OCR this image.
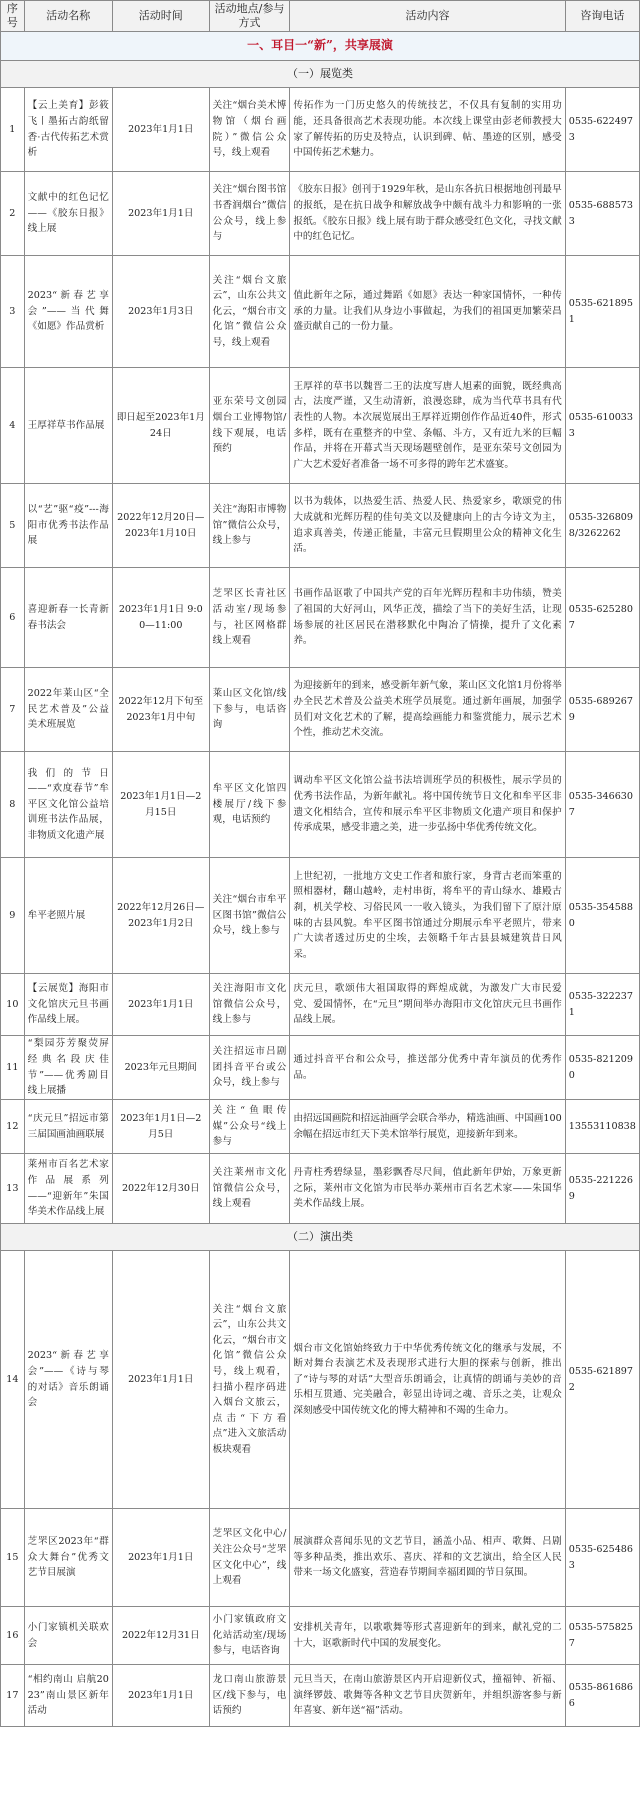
序号	活动名称	活动时间	活动地点/参与方式	活动内容	咨询电话
一、耳目一“新”，共享展演					
（一）展览类					
1	【云上美育】彭筱飞丨墨拓古韵纸留香·古代传拓艺术赏析	2023年1月1日	关注“烟台美术博物馆（烟台画院）”微信公众号，线上观看	传拓作为一门历史悠久的传统技艺，不仅具有复制的实用功能，还具备很高艺术表现功能。本次线上课堂由彭老师教授大家了解传拓的历史及特点，认识到碑、帖、墨迹的区别，感受中国传拓艺术魅力。	0535-6224973
2	文献中的红色记忆——《胶东日报》线上展	2023年1月1日	关注“烟台图书馆书香润烟台”微信公众号，线上参与	《胶东日报》创刊于1929年秋，是山东各抗日根据地创刊最早的报纸，是在抗日战争和解放战争中颇有战斗力和影响的一张报纸。《胶东日报》线上展有助于群众感受红色文化，寻找文献中的红色记忆。	0535-6885733
3	2023“新春艺享会”——当代舞《如愿》作品赏析	2023年1月3日	关注“烟台文旅云”，山东公共文化云，“烟台市文化馆”微信公众号，线上观看	值此新年之际，通过舞蹈《如愿》表达一种家国情怀，一种传承的力量。让我们从身边小事做起，为我们的祖国更加繁荣昌盛贡献自己的一份力量。	0535-6218951
4	王厚祥草书作品展	即日起至2023年1月24日	亚东荣号文创园烟台工业博物馆/线下观展，电话预约	王厚祥的草书以魏晋二王的法度写唐人旭素的面貌，既经典高古，法度严谨，又生动清新，浪漫恣肆，成为当代草书具有代表性的人物。本次展览展出王厚祥近期创作作品近40件，形式多样，既有在重整齐的中堂、条幅、斗方，又有近九米的巨幅作品，并将在开幕式当天现场题壁创作，是亚东荣号文创园为广大艺术爱好者准备一场不可多得的跨年艺术盛宴。	0535-6100333
5	以“艺”驱“疫”---海阳市优秀书法作品展	2022年12月20日—2023年1月10日	关注“海阳市博物馆”微信公众号，线上参与	以书为载体，以热爱生活、热爱人民、热爱家乡，歌颂党的伟大成就和光辉历程的佳句美文以及健康向上的古今诗文为主，追求真善美，传递正能量，丰富元旦假期里公众的精神文化生活。	0535-3268098/3262262
6	喜迎新春一长青新春书法会	2023年1月1日 9:00—11:00	芝罘区长青社区活动室/现场参与，社区网格群线上观看	书画作品讴歌了中国共产党的百年光辉历程和丰功伟绩，赞美了祖国的大好河山，风华正茂，描绘了当下的美好生活，让现场参展的社区居民在潜移默化中陶冶了情操，提升了文化素养。	0535-6252807
7	2022年莱山区“全民艺术普及”公益美术班展览	2022年12月下旬至2023年1月中旬	莱山区文化馆/线下参与，电话咨询	为迎接新年的到来，感受新年新气象，莱山区文化馆1月份将举办全民艺术普及公益美术班学员展览。通过新年画展，加强学员们对文化艺术的了解，提高绘画能力和鉴赏能力，展示艺术个性，推动艺术交流。	0535-6892679
8	我们的节日——“欢度春节”牟平区文化馆公益培训班书法作品展，非物质文化遗产展	2023年1月1日—2月15日	牟平区文化馆四楼展厅/线下参观，电话预约	调动牟平区文化馆公益书法培训班学员的积极性，展示学员的优秀书法作品，为新年献礼。将中国传统节日文化和牟平区非遗文化相结合，宣传和展示牟平区非物质文化遗产项目和保护传承成果，感受非遗之美，进一步弘扬中华优秀传统文化。	0535-3466307
9	牟平老照片展	2022年12月26日—2023年1月2日	关注“烟台市牟平区图书馆”微信公众号，线上参与	上世纪初，一批地方文史工作者和旅行家，身背古老而笨重的照相器材，翻山越岭，走村串街，将牟平的青山绿水、雄殿古刹，机关学校、习俗民风一一收入镜头，为我们留下了原汁原味的古县风貌。牟平区图书馆通过分期展示牟平老照片，带来广大读者透过历史的尘埃，去领略千年古县县城建筑昔日风采。	0535-3545880
10	【云展览】海阳市文化馆庆元旦书画作品线上展。	2023年1月1日	关注海阳市文化馆微信公众号，线上参与	庆元旦，歌颂伟大祖国取得的辉煌成就，为激发广大市民爱党、爱国情怀，在“元旦”期间举办海阳市文化馆庆元旦书画作品线上展。	0535-3222371
11	“梨园芬芳聚荧屏 经典名段庆佳节”——优秀剧目线上展播	2023年元旦期间	关注招远市吕剧团抖音平台或公众号，线上参与	通过抖音平台和公众号，推送部分优秀中青年演员的优秀作品。	0535-8212090
12	“庆元旦”招远市第三届国画油画联展	2023年1月1日—2月5日	关注“鱼眼传媒”公众号“线上参与	由招远国画院和招远油画学会联合举办，精选油画、中国画100余幅在招远市红天下美术馆举行展览，迎接新年到来。	13553110838
13	莱州市百名艺术家作品展系列——“迎新年”朱国华美术作品线上展	2022年12月30日	关注莱州市文化馆微信公众号，线上观看	丹青柱秀碧绿显，墨彩飘香尽尺间，值此新年伊始，万象更新之际，莱州市文化馆为市民举办莱州市百名艺术家——朱国华美术作品线上展。	0535-2212269
（二）演出类					
14	2023“新春艺享会”——《诗与琴的对话》音乐朗诵会	2023年1月1日	关注“烟台文旅云”，山东公共文化云，“烟台市文化馆”微信公众号，线上观看，扫描小程序码进入烟台文旅云，点击“下方看点”进入文旅活动板块观看	烟台市文化馆始终致力于中华优秀传统文化的继承与发展，不断对舞台表演艺术及表现形式进行大胆的探索与创新，推出了“诗与琴的对话”大型音乐朗诵会，让真情的朗诵与美妙的音乐相互贯通、完美融合，彰显出诗词之魂、音乐之美，让观众深刻感受中国传统文化的博大精神和不竭的生命力。	0535-6218972
15	芝罘区2023年“群众大舞台”优秀文艺节目展演	2023年1月1日	芝罘区文化中心/关注公众号“芝罘区文化中心”，线上观看	展演群众喜闻乐见的文艺节目，涵盖小品、相声、歌舞、吕剧等多种品类，推出欢乐、喜庆、祥和的文艺演出，给全区人民带来一场文化盛宴，营造春节期间幸福团圆的节日氛围。	0535-6254863
16	小门家镇机关联欢会	2022年12月31日	小门家镇政府文化站活动室/现场参与，电话咨询	安排机关青年，以歌歌舞等形式喜迎新年的到来，献礼党的二十大，讴歌新时代中国的发展变化。	0535-5758257
17	“相约南山 启航2023”南山景区新年活动	2023年1月1日	龙口南山旅游景区/线下参与，电话预约	元旦当天，在南山旅游景区内开启迎新仪式，撞福钟、祈福、演绎锣鼓、歌舞等各种文艺节目庆贺新年，并组织游客参与新年喜宴、新年送“福”活动。	0535-8616866
